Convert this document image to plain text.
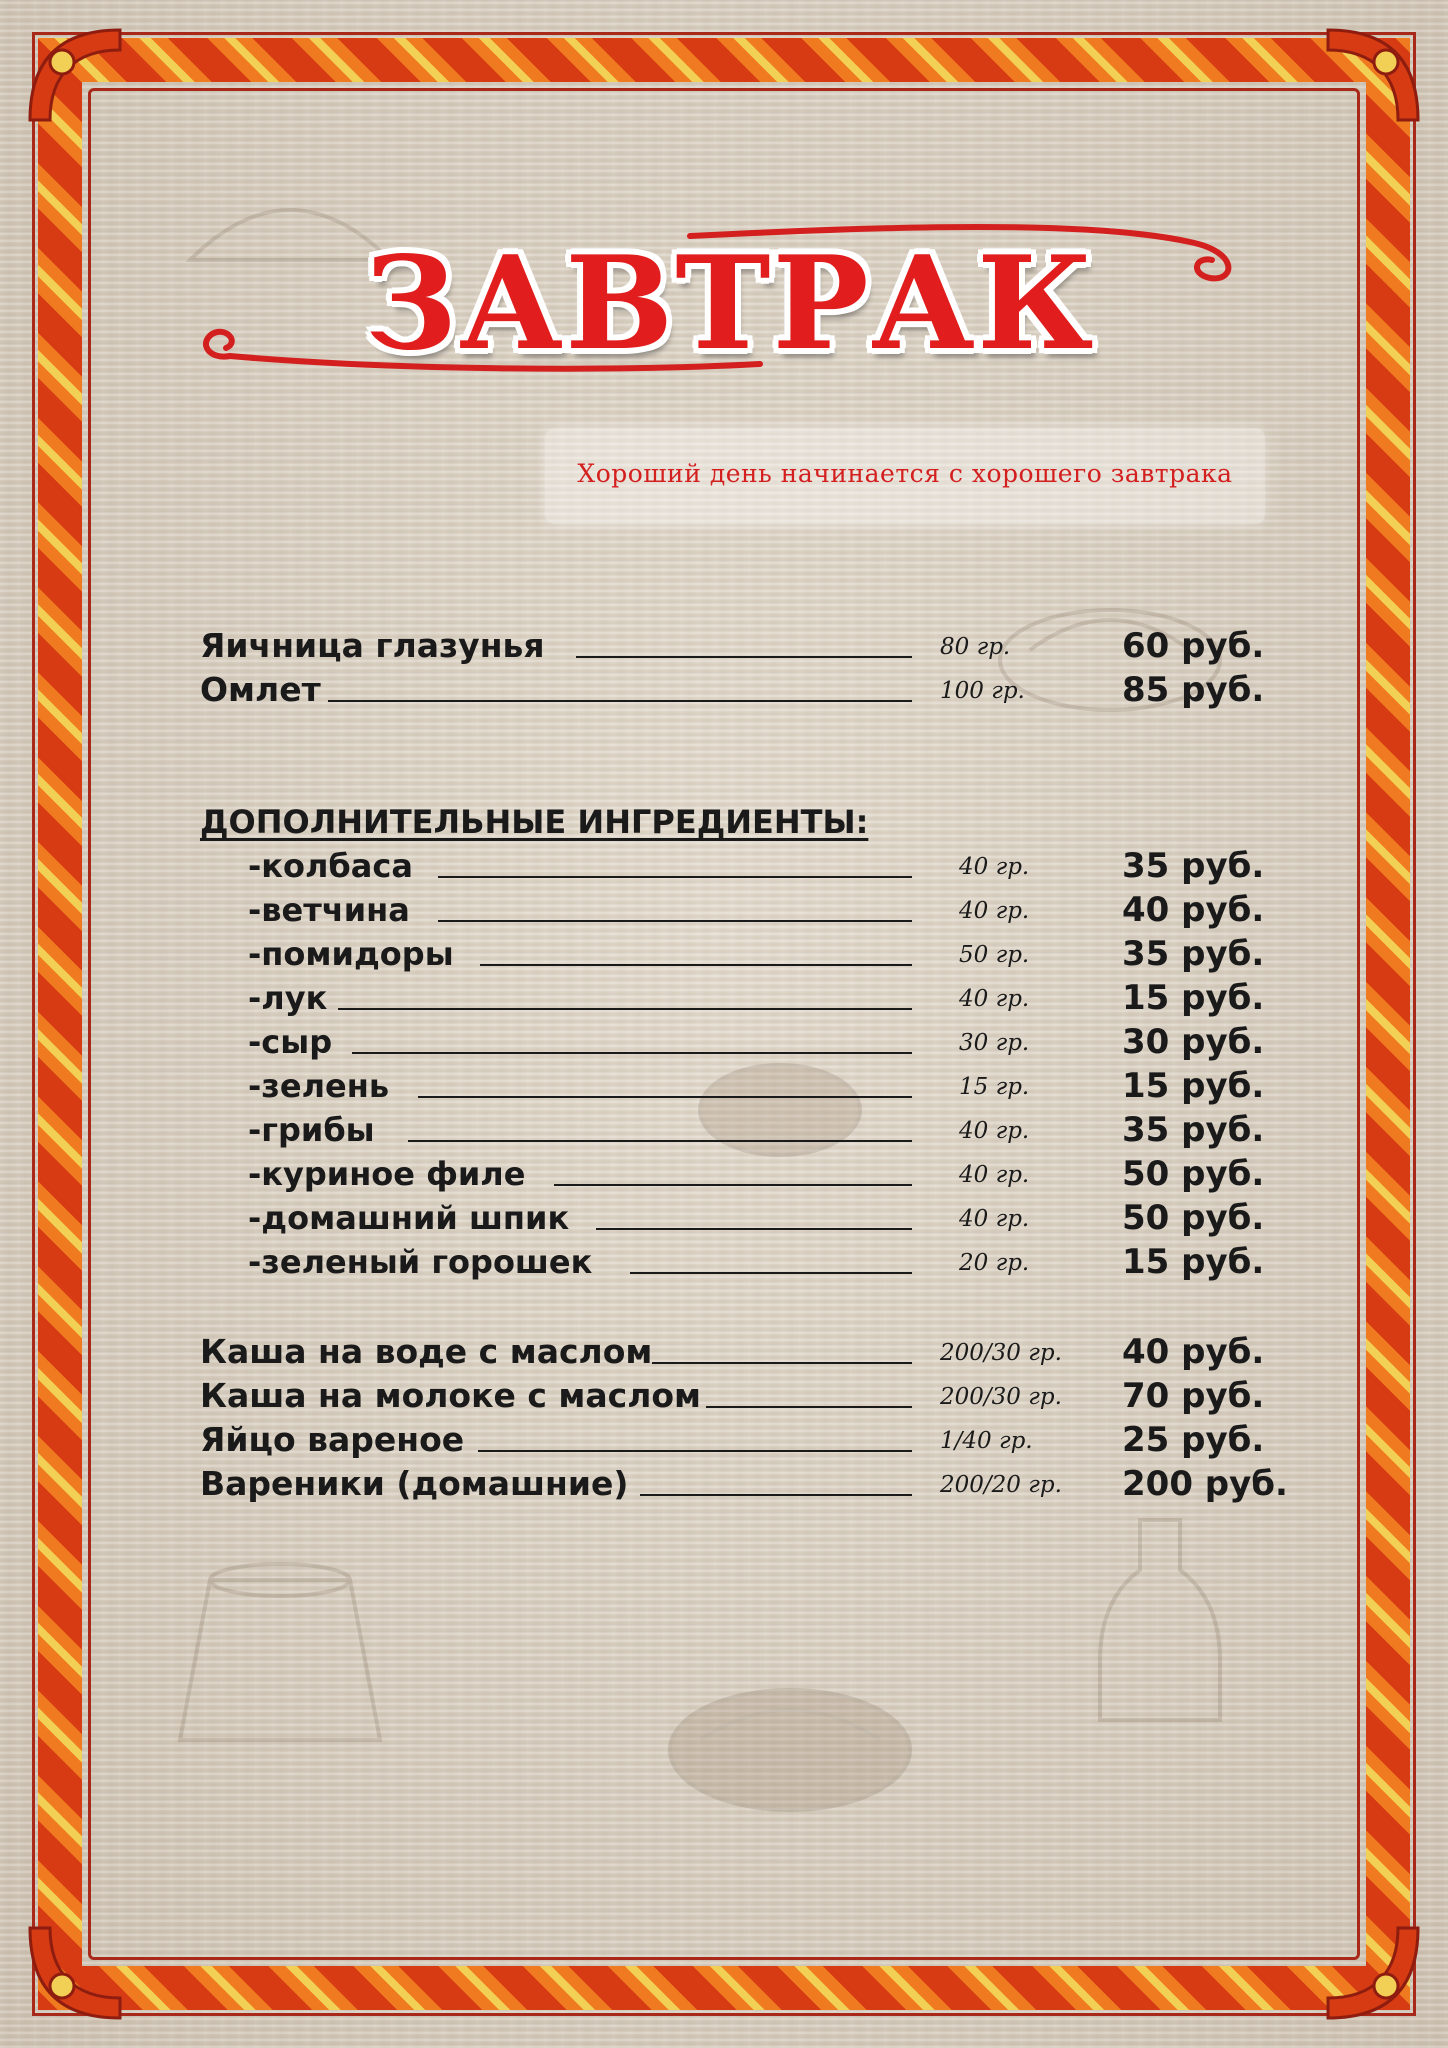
ЗАВТРАК
Хороший день начинается с хорошего завтрака
Яичница глазунья	80 гр.	60 руб.
Омлет	100 гр.	85 руб.
ДОПОЛНИТЕЛЬНЫЕ ИНГРЕДИЕНТЫ:
-колбаса	40 гр.	35 руб.
-ветчина	40 гр.	40 руб.
-помидоры	50 гр.	35 руб.
-лук	40 гр.	15 руб.
-сыр	30 гр.	30 руб.
-зелень	15 гр.	15 руб.
-грибы	40 гр.	35 руб.
-куриное филе	40 гр.	50 руб.
-домашний шпик	40 гр.	50 руб.
-зеленый горошек	20 гр.	15 руб.
Каша на воде с маслом	200/30 гр. 40 руб.
Каша на молоке с маслом	200/30 гр. 70 руб.
Яйцо вареное	1/40 гр.	25 руб.
Вареники (домашние)	200/20 гр. 200 руб.
